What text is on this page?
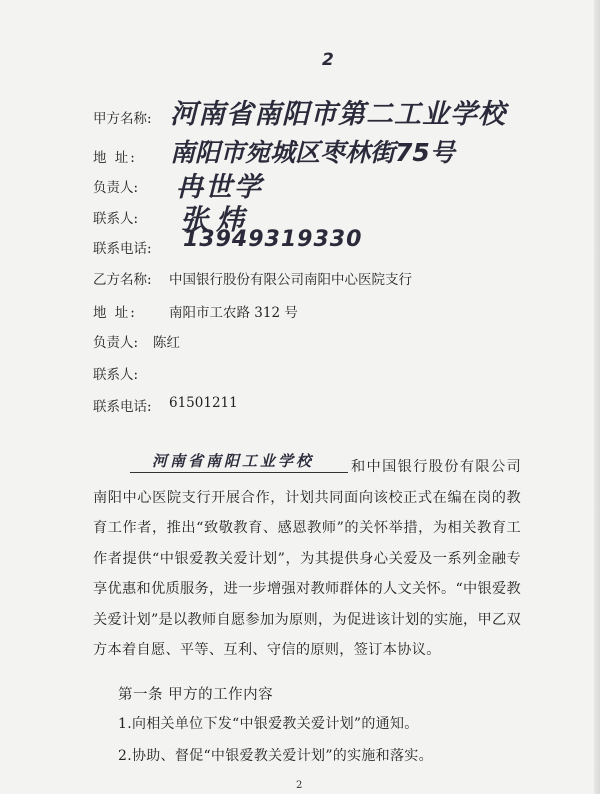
甲方名称: 河南省南阳市第二工业学校
2
地 址: 南阳市宛城区枣林街75号
负责人: 冉世学
联系人: 张炜
联系电话: 13949319330
乙方名称: 中国银行股份有限公司南阳中心医院支行
地 址: 南阳市工农路 312 号
负责人: 陈红
联系人:
联系电话: 61501211
河南省南阳工业学校	和中国银行股份有限公司南阳中心医院支行开展合作，计划共同面向该校正式在编在岗的教育工作者，推出“致敬教育、感恩教师”的关怀举措，为相关教育工作者提供“中银爱教关爱计划”，为其提供身心关爱及一系列金融专享优惠和优质服务，进一步增强对教师群体的人文关怀。“中银爱教关爱计划”是以教师自愿参加为原则，为促进该计划的实施，甲乙双方本着自愿、平等、互利、守信的原则，签订本协议。
第一条 甲方的工作内容
1.向相关单位下发“中银爱教关爱计划”的通知。
2.协助、督促“中银爱教关爱计划”的实施和落实。
2
